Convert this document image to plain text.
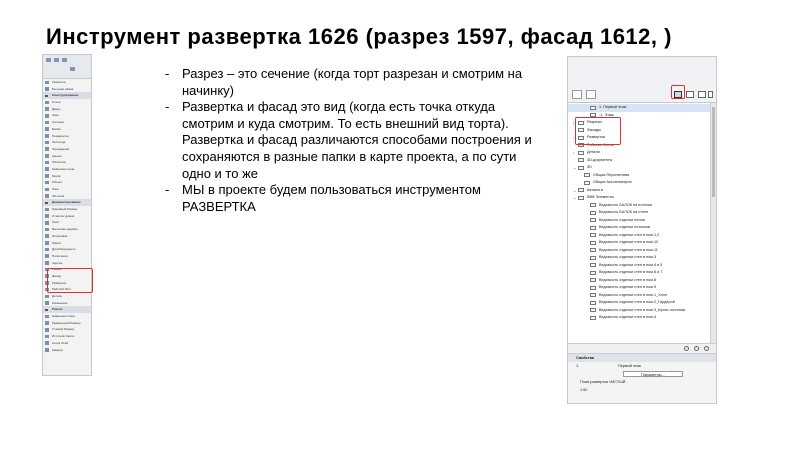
Инструмент развертка 1626 (разрез 1597, фасад 1612, )
Указатель
Бегущая рамка
Конструирование
Стена
Дверь
Окно
Колонна
Балка
Перекрытие
Лестница
Ограждение
Крыша
Оболочка
Навесная стена
Морф
Объект
Зона
3D-сетка
Документирование
Линейный Размер
Отметка уровня
Текст
Выносная надпись
Штриховка
Линия
Дуга/Окружность
Полилиния
Чертеж
Разрез
Фасад
Развертка
Рабочий Лист
Деталь
Изменение
Разное
Навесная Стена
Радиальный Размер
Угловой Размер
Источник Света
Сетка Осей
Камера
- Разрез – это сечение (когда торт разрезан и смотрим на начинку)
- Развертка и фасад это вид (когда есть точка откуда смотрим и куда смотрим. То есть внешний вид торта). Развертка и фасад различаются способами построения и сохраняются в разные папки в карте проекта, а по сути одно и то же
- МЫ в проекте будем пользоваться инструментом РАЗВЕРТКА
1. Первый этаж
-1. Этаж
›	Разрезы
Фасады
›	Развертки
Рабочие Листы
›	Детали
3D-документы
⌄	3D
Общая Перспектива
Общая Аксонометрия
⌄	Каталоги
⌄	BBB Элементы
Ведомость БАЛОК на потолке
Ведомость БАЛОК на стене
Ведомость отделки полов
Ведомость отделки потолков
Ведомость отделки стен в пом.1,2
Ведомость отделки стен в пом.10
Ведомость отделки стен в пом.11
Ведомость отделки стен в пом.3
Ведомость отделки стен в пом.4 и 5
Ведомость отделки стен в пом.6 и 7
Ведомость отделки стен в пом.8
Ведомость отделки стен в пом.9
Ведомость отделки стен в пом.1_Холл
Ведомость отделки стен в пом.2_Гардероб
Ведомость отделки стен в пом.3_Кухня-гостиная
Ведомость отделки стен в пом.4
Свойства
1.	Первый этаж
Параметры...
План-развертки ЧИСТЫЙ
1:50
